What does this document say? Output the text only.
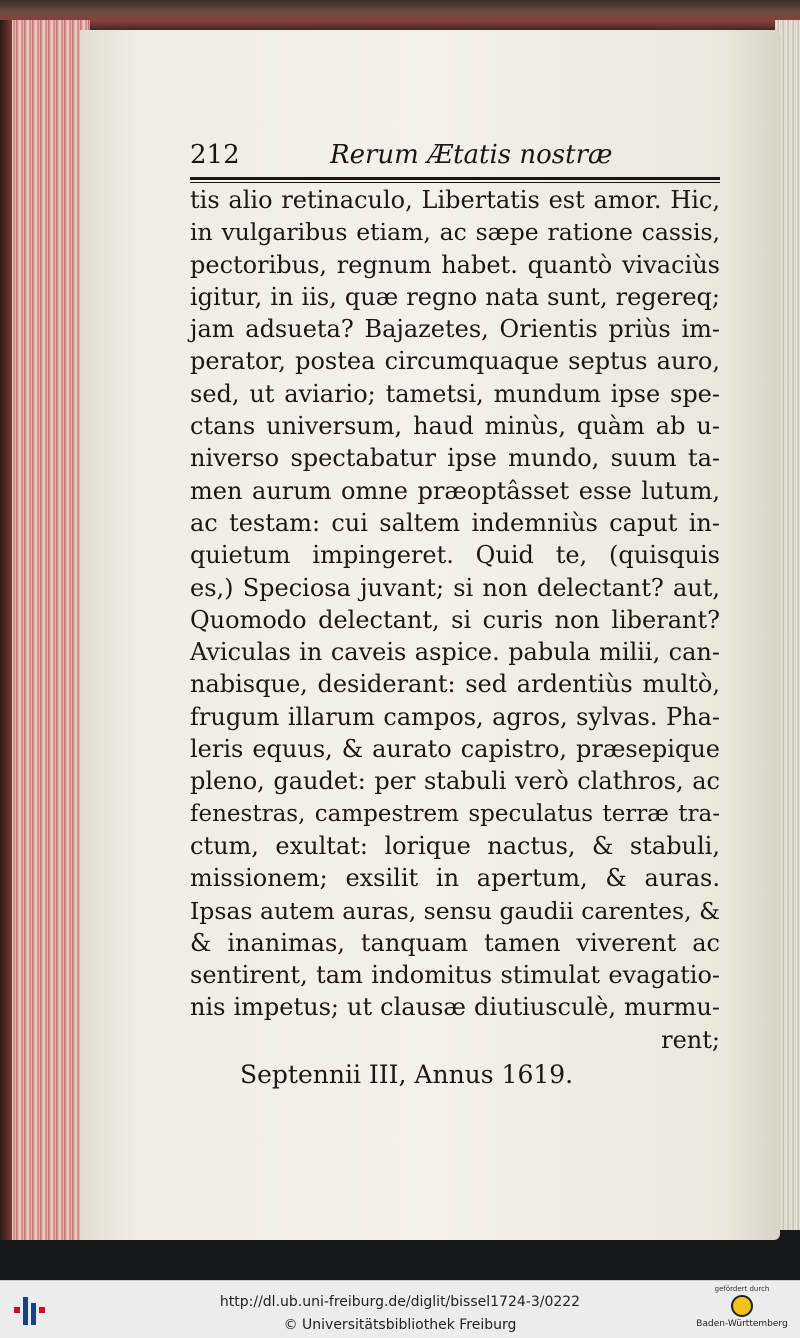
212	Rerum Ætatis nostræ
tis alio retinaculo, Libertatis est amor. Hic,
in vulgaribus etiam, ac sæpe ratione cassis,
pectoribus, regnum habet. quantò vivaciùs
igitur, in iis, quæ regno nata sunt, regereq;
jam adsueta? Bajazetes, Orientis priùs im-
perator, postea circumquaque septus auro,
sed, ut aviario; tametsi, mundum ipse spe-
ctans universum, haud minùs, quàm ab u-
niverso spectabatur ipse mundo, suum ta-
men aurum omne præoptâsset esse lutum,
ac testam: cui saltem indemniùs caput in-
quietum impingeret. Quid te, (quisquis
es,) Speciosa juvant; si non delectant? aut,
Quomodo delectant, si curis non liberant?
Aviculas in caveis aspice. pabula milii, can-
nabisque, desiderant: sed ardentiùs multò,
frugum illarum campos, agros, sylvas. Pha-
leris equus, & aurato capistro, præsepique
pleno, gaudet: per stabuli verò clathros, ac
fenestras, campestrem speculatus terræ tra-
ctum, exultat: lorique nactus, & stabuli,
missionem; exsilit in apertum, & auras.
Ipsas autem auras, sensu gaudii carentes, &
& inanimas, tanquam tamen viverent ac
sentirent, tam indomitus stimulat evagatio-
nis impetus; ut clausæ diutiusculè, murmu-
rent;
Septennii III, Annus 1619.
http://dl.ub.uni-freiburg.de/diglit/bissel1724-3/0222
© Universitätsbibliothek Freiburg
gefördert durch
Baden-Württemberg
